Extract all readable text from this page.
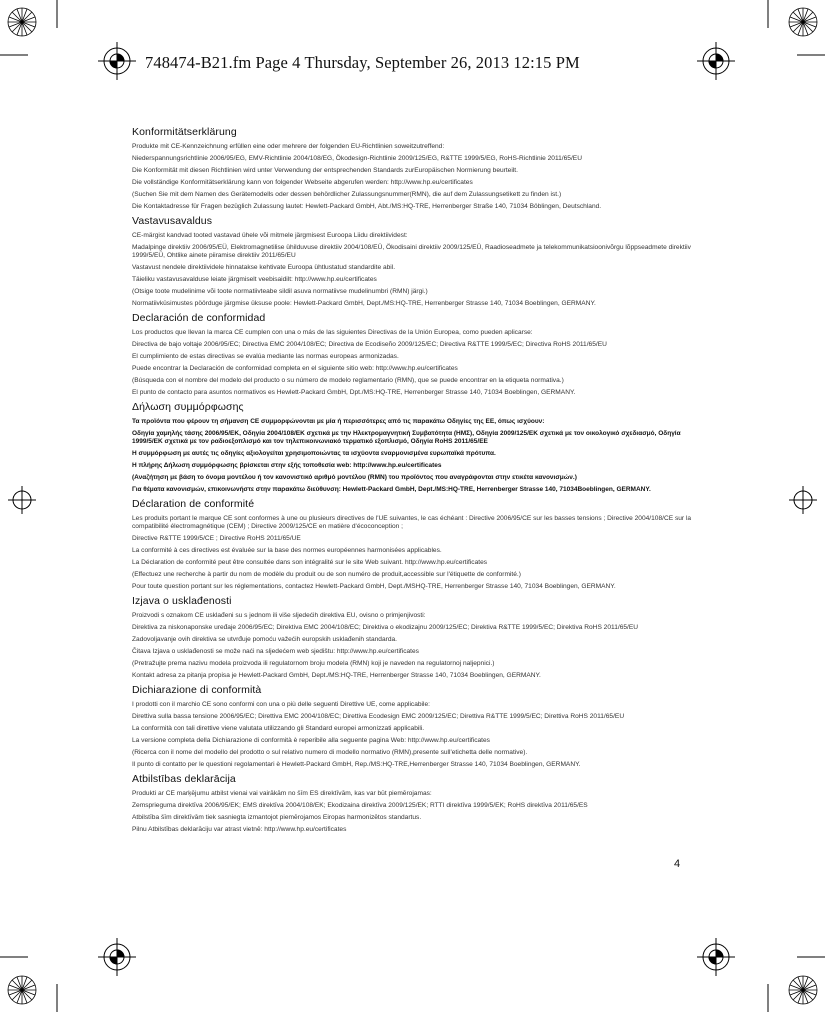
748474-B21.fm Page 4 Thursday, September 26, 2013 12:15 PM
Konformitätserklärung

Produkte mit CE-Kennzeichnung erfüllen eine oder mehrere der folgenden EU-Richtlinien soweitzutreffend:

Niederspannungsrichtlinie 2006/95/EG, EMV-Richtlinie 2004/108/EG, Ökodesign-Richtlinie 2009/125/EG, R&TTE 1999/5/EG, RoHS-Richtlinie 2011/65/EU

Die Konformität mit diesen Richtlinien wird unter Verwendung der entsprechenden Standards zurEuropäischen Normierung beurteilt.

Die vollständige Konformitätserklärung kann von folgender Webseite abgerufen werden: http://www.hp.eu/certificates

(Suchen Sie mit dem Namen des Gerätemodells oder dessen behördlicher Zulassungsnummer(RMN), die auf dem Zulassungsetikett zu finden ist.)

Die Kontaktadresse für Fragen bezüglich Zulassung lautet: Hewlett-Packard GmbH, Abt./MS:HQ-TRE, Herrenberger Straße 140, 71034 Böblingen, Deutschland.

Vastavusavaldus

CE-märgist kandvad tooted vastavad ühele või mitmele järgmisest Euroopa Liidu direktiividest:

Madalpinge direktiiv 2006/95/EÜ, Elektromagnetilise ühilduvuse direktiiv 2004/108/EÜ, Ökodisaini direktiiv 2009/125/EÜ, Raadioseadmete ja telekommunikatsioonivõrgu lõppseadmete direktiiv 1999/5/EÜ, Ohtlike ainete piiramise direktiiv 2011/65/EU

Vastavust nendele direktiividele hinnatakse kehtivate Euroopa ühtlustatud standardite abil.

Täieliku vastavusavalduse leiate järgmiselt veebisaidilt: http://www.hp.eu/certificates

(Otsige toote mudelinime või toote normatiivteabe sildil asuva normatiivse mudelinumbri (RMN) järgi.)

Normatiivküsimustes pöörduge järgmise üksuse poole: Hewlett-Packard GmbH, Dept./MS:HQ-TRE, Herrenberger Strasse 140, 71034 Boeblingen, GERMANY.

Declaración de conformidad

Los productos que llevan la marca CE cumplen con una o más de las siguientes Directivas de la Unión Europea, como pueden aplicarse:

Directiva de bajo voltaje 2006/95/EC; Directiva EMC 2004/108/EC; Directiva de Ecodiseño 2009/125/EC; Directiva R&TTE 1999/5/EC; Directiva RoHS 2011/65/EU

El cumplimiento de estas directivas se evalúa mediante las normas europeas armonizadas.

Puede encontrar la Declaración de conformidad completa en el siguiente sitio web: http://www.hp.eu/certificates

(Búsqueda con el nombre del modelo del producto o su número de modelo reglamentario (RMN), que se puede encontrar en la etiqueta normativa.)

El punto de contacto para asuntos normativos es Hewlett-Packard GmbH, Dpt./MS:HQ-TRE, Herrenberger Strasse 140, 71034 Boeblingen, GERMANY.

Δήλωση συμμόρφωσης

Τα προϊόντα που φέρουν τη σήμανση CE συμμορφώνονται με μία ή περισσότερες από τις παρακάτω Οδηγίες της ΕΕ, όπως ισχύουν:

Οδηγία χαμηλής τάσης 2006/95/EK, Οδηγία 2004/108/EK σχετικά με την Ηλεκτρομαγνητική Συμβατότητα (ΗΜΣ), Οδηγία 2009/125/EK σχετικά με τον οικολογικό σχεδιασμό, Οδηγία 1999/5/EK σχετικά με τον ραδιοεξοπλισμό και τον τηλεπικοινωνιακό τερματικό εξοπλισμό, Οδηγία RoHS 2011/65/ΕΕ

Η συμμόρφωση με αυτές τις οδηγίες αξιολογείται χρησιμοποιώντας τα ισχύοντα εναρμονισμένα ευρωπαϊκά πρότυπα.

Η πλήρης Δήλωση συμμόρφωσης βρίσκεται στην εξής τοποθεσία web: http://www.hp.eu/certificates

(Αναζήτηση με βάση το όνομα μοντέλου ή τον κανονιστικό αριθμό μοντέλου (RMN) του προϊόντος που αναγράφονται στην ετικέτα κανονισμών.)

Για θέματα κανονισμών, επικοινωνήστε στην παρακάτω διεύθυνση: Hewlett-Packard GmbH, Dept./MS:HQ-TRE, Herrenberger Strasse 140, 71034Boeblingen, GERMANY.

Déclaration de conformité

Les produits portant le marque CE sont conformes à une ou plusieurs directives de l'UE suivantes, le cas échéant : Directive 2006/95/CE sur les basses tensions ; Directive 2004/108/CE sur la compatibilité électromagnétique (CEM) ; Directive 2009/125/CE en matière d'écoconception ;

Directive R&TTE 1999/5/CE ; Directive RoHS 2011/65/UE

La conformité à ces directives est évaluée sur la base des normes européennes harmonisées applicables.

La Déclaration de conformité peut être consultée dans son intégralité sur le site Web suivant. http://www.hp.eu/certificates

(Effectuez une recherche à partir du nom de modèle du produit ou de son numéro de produit,accessible sur l'étiquette de conformité.)

Pour toute question portant sur les réglementations, contactez Hewlett-Packard GmbH, Dept./MSHQ-TRE, Herrenberger Strasse 140, 71034 Boeblingen, GERMANY.

Izjava o usklađenosti

Proizvodi s oznakom CE usklađeni su s jednom ili više sljedećih direktiva EU, ovisno o primjenjivosti:

Direktiva za niskonaponske uređaje 2006/95/EC; Direktiva EMC 2004/108/EC; Direktiva o ekodizajnu 2009/125/EC; Direktiva R&TTE 1999/5/EC; Direktiva RoHS 2011/65/EU

Zadovoljavanje ovih direktiva se utvrđuje pomoću važećih europskih usklađenih standarda.

Čitava Izjava o usklađenosti se može naći na sljedećem web sjedištu: http://www.hp.eu/certificates

(Pretražujte prema nazivu modela proizvoda ili regulatornom broju modela (RMN) koji je naveden na regulatornoj naljepnici.)

Kontakt adresa za pitanja propisa je Hewlett-Packard GmbH, Dept./MS:HQ-TRE, Herrenberger Strasse 140, 71034 Boeblingen, GERMANY.

Dichiarazione di conformità

I prodotti con il marchio CE sono conformi con una o più delle seguenti Direttive UE, come applicabile:

Direttiva sulla bassa tensione 2006/95/EC; Direttiva EMC 2004/108/EC; Direttiva Ecodesign EMC 2009/125/EC; Direttiva R&TTE 1999/5/EC; Direttiva RoHS 2011/65/EU

La conformità con tali direttive viene valutata utilizzando gli Standard europei armonizzati applicabili.

La versione completa della Dichiarazione di conformità è reperibile alla seguente pagina Web: http://www.hp.eu/certificates

(Ricerca con il nome del modello del prodotto o sul relativo numero di modello normativo (RMN),presente sull'etichetta delle normative).

Il punto di contatto per le questioni regolamentari è Hewlett-Packard GmbH, Rep./MS:HQ-TRE,Herrenberger Strasse 140, 71034 Boeblingen, GERMANY.

Atbilstības deklarācija

Produkti ar CE marķējumu atbilst vienai vai vairākām no šīm ES direktīvām, kas var būt piemērojamas:

Zemsprieguma direktīva 2006/95/EK; EMS direktīva 2004/108/EK; Ekodizaina direktīva 2009/125/EK; RTTI direktīva 1999/5/EK; RoHS direktīva 2011/65/ES

Atbilstība šīm direktīvām tiek sasniegta izmantojot piemērojamos Eiropas harmonizētos standartus.

Pilnu Atbilstības deklarāciju var atrast vietnē: http://www.hp.eu/certificates

4
